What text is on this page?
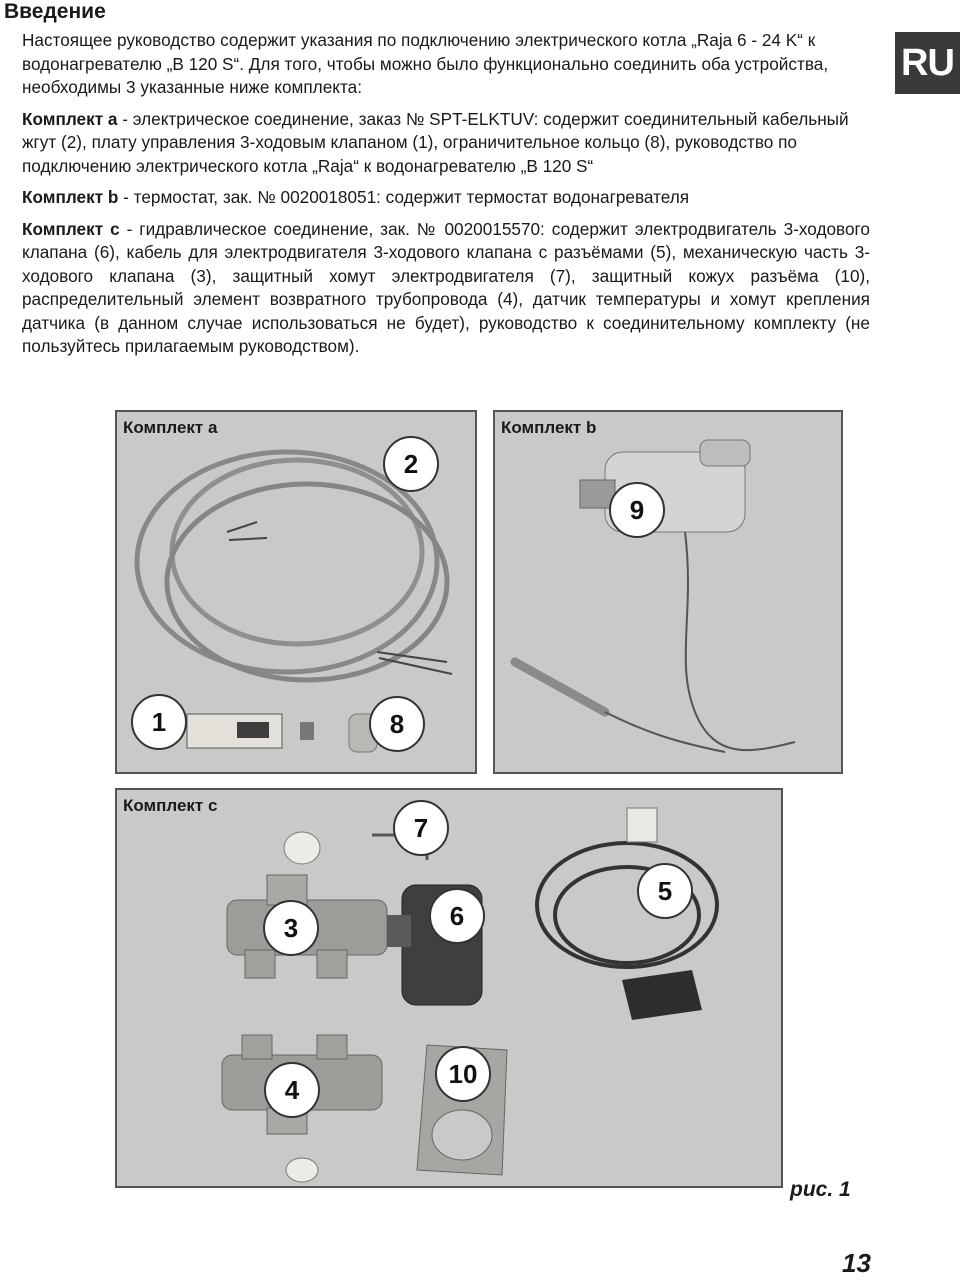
Введение
RU

Настоящее руководство содержит указания по подключению электрического котла „Raja 6 - 24 K“ к водонагревателю „B 120 S“. Для того, чтобы можно было функционально соединить оба устройства, необходимы 3 указанные ниже комплекта:

Комплект a - электрическое соединение, заказ № SPT-ELKTUV: содержит соединительный кабельный жгут (2), плату управления 3-ходовым клапаном (1), ограничительное кольцо (8), руководство по подключению электрического котла „Raja“ к водонагревателю „B 120 S“

Комплект b - термостат, зак. № 0020018051: содержит термостат водонагревателя

Комплект c - гидравлическое соединение, зак. № 0020015570: содержит электродвигатель 3-ходового клапана (6), кабель для электродвигателя 3-ходового клапана с разъёмами (5), механическую часть 3-ходового клапана (3), защитный хомут электродвигателя (7), защитный кожух разъёма (10), распределительный элемент возвратного трубопровода (4), датчик температуры и хомут крепления датчика (в данном случае использоваться не будет), руководство к соединительному комплекту (не пользуйтесь прилагаемым руководством).

Комплект a
2
1	8
Комплект b
9
Комплект c
7
5
3	6
4
10
рис. 1
13
